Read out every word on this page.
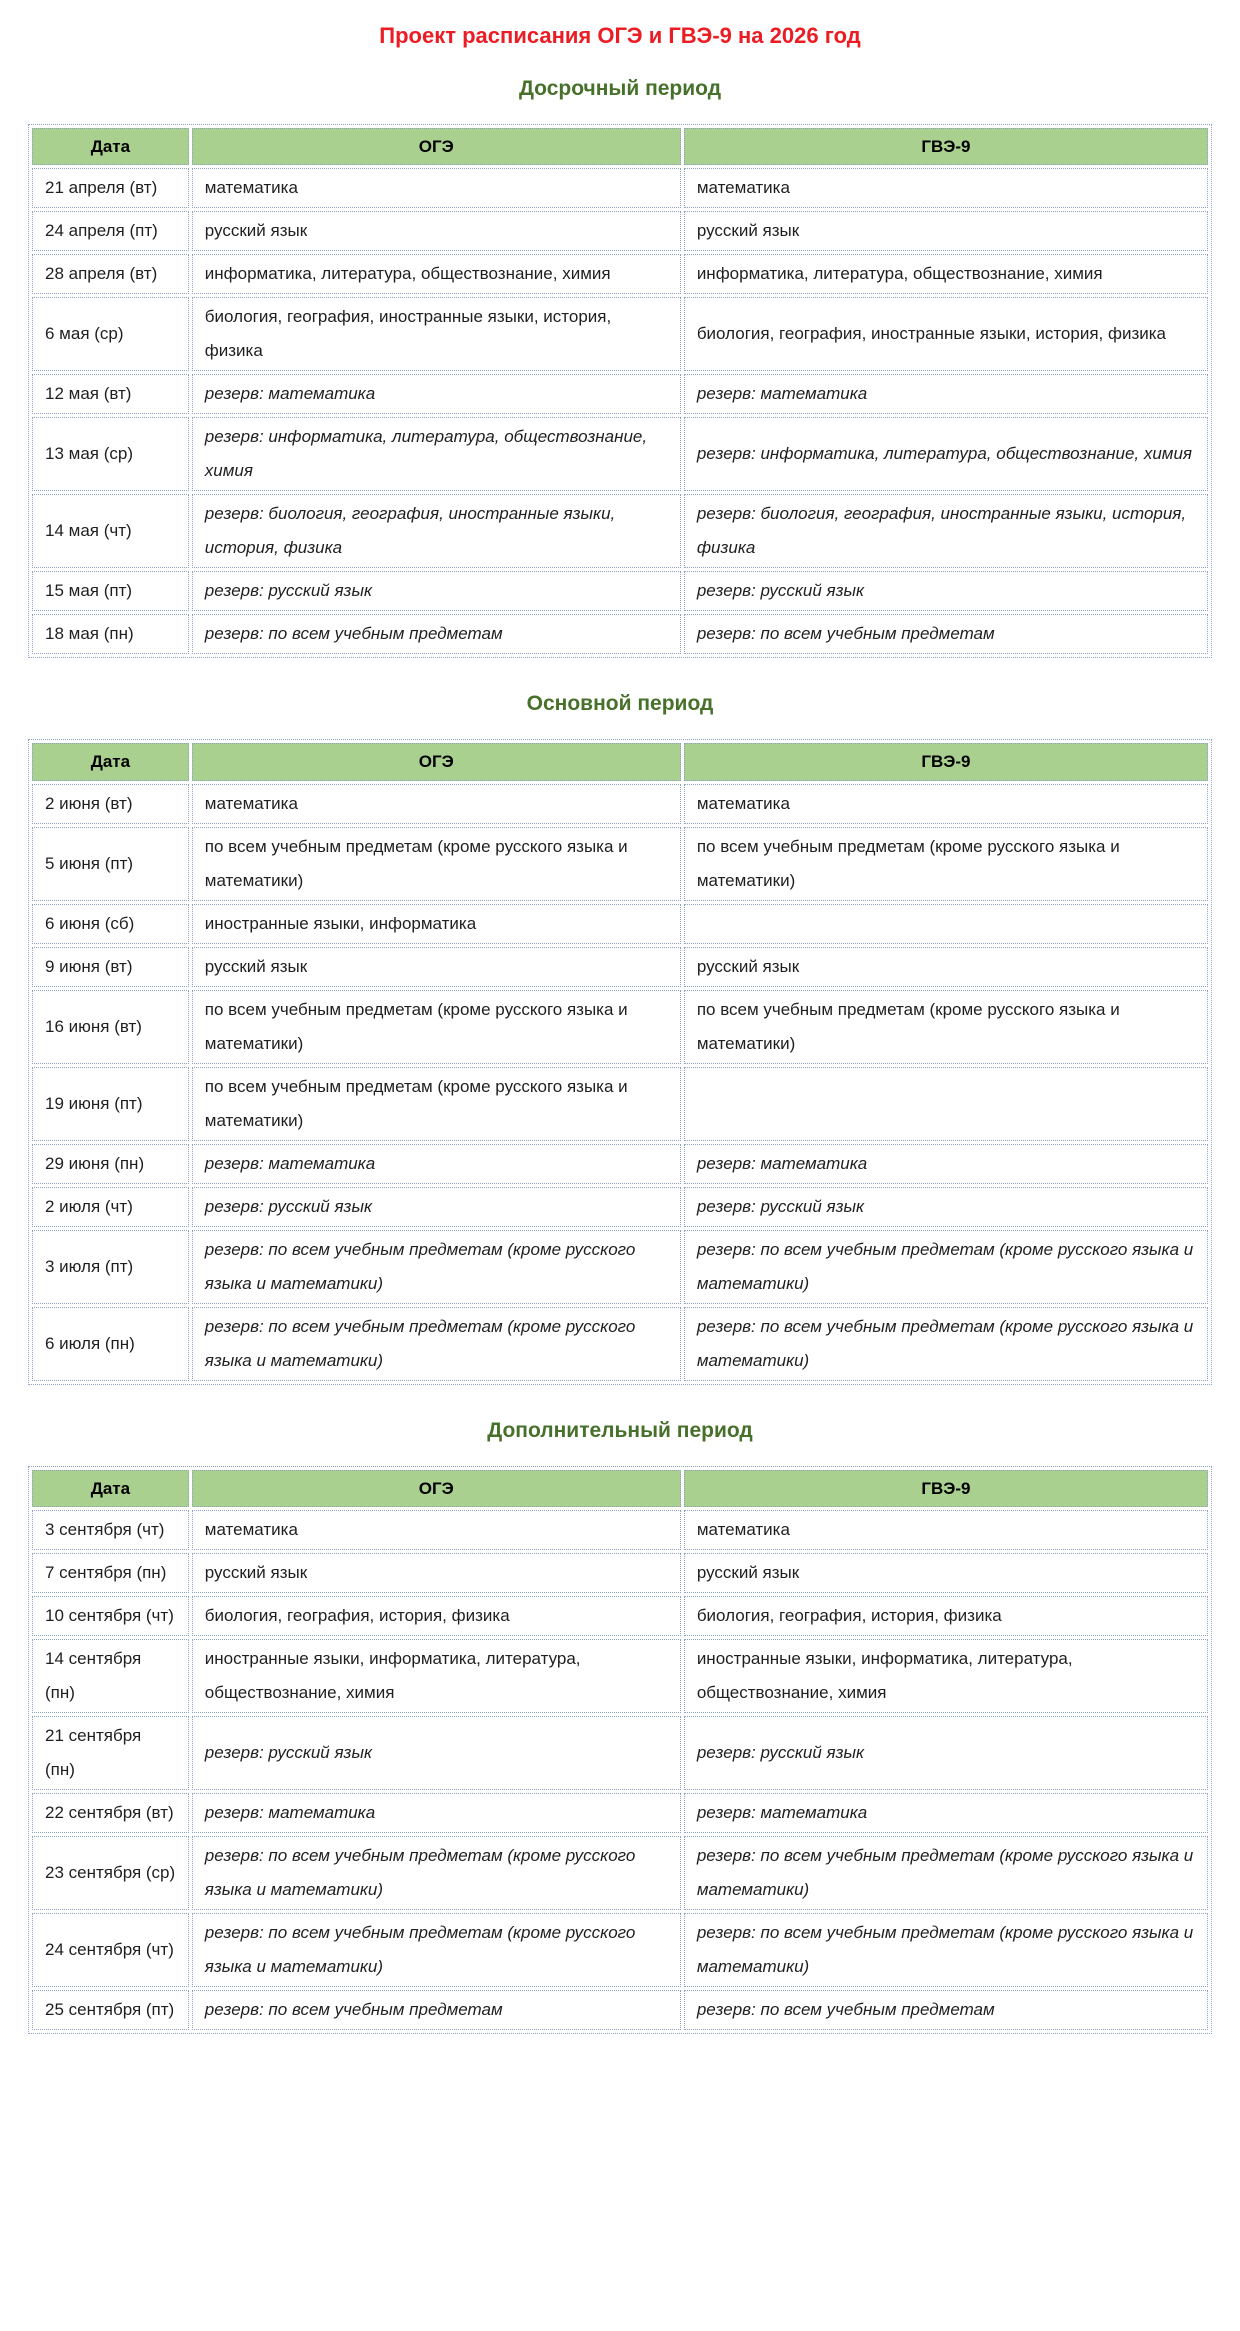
Проект расписания ОГЭ и ГВЭ-9 на 2026 год
Досрочный период
Дата	ОГЭ	ГВЭ-9
21 апреля (вт)	математика	математика
24 апреля (пт)	русский язык	русский язык
28 апреля (вт)	информатика, литература, обществознание, химия	информатика, литература, обществознание, химия
6 мая (ср)	биология, география, иностранные языки, история, физика	биология, география, иностранные языки, история, физика
12 мая (вт)	резерв: математика	резерв: математика
13 мая (ср)	резерв: информатика, литература, обществознание, химия	резерв: информатика, литература, обществознание, химия
14 мая (чт)	резерв: биология, география, иностранные языки, история, физика	резерв: биология, география, иностранные языки, история, физика
15 мая (пт)	резерв: русский язык	резерв: русский язык
18 мая (пн)	резерв: по всем учебным предметам	резерв: по всем учебным предметам
Основной период
Дата	ОГЭ	ГВЭ-9
2 июня (вт)	математика	математика
5 июня (пт)	по всем учебным предметам (кроме русского языка и математики)	по всем учебным предметам (кроме русского языка и математики)
6 июня (сб)	иностранные языки, информатика	
9 июня (вт)	русский язык	русский язык
16 июня (вт)	по всем учебным предметам (кроме русского языка и математики)	по всем учебным предметам (кроме русского языка и математики)
19 июня (пт)	по всем учебным предметам (кроме русского языка и математики)	
29 июня (пн)	резерв: математика	резерв: математика
2 июля (чт)	резерв: русский язык	резерв: русский язык
3 июля (пт)	резерв: по всем учебным предметам (кроме русского языка и математики)	резерв: по всем учебным предметам (кроме русского языка и математики)
6 июля (пн)	резерв: по всем учебным предметам (кроме русского языка и математики)	резерв: по всем учебным предметам (кроме русского языка и математики)
Дополнительный период
Дата	ОГЭ	ГВЭ-9
3 сентября (чт)	математика	математика
7 сентября (пн)	русский язык	русский язык
10 сентября (чт)	биология, география, история, физика	биология, география, история, физика
14 сентября (пн)	иностранные языки, информатика, литература, обществознание, химия	иностранные языки, информатика, литература, обществознание, химия
21 сентября (пн)	резерв: русский язык	резерв: русский язык
22 сентября (вт)	резерв: математика	резерв: математика
23 сентября (ср)	резерв: по всем учебным предметам (кроме русского языка и математики)	резерв: по всем учебным предметам (кроме русского языка и математики)
24 сентября (чт)	резерв: по всем учебным предметам (кроме русского языка и математики)	резерв: по всем учебным предметам (кроме русского языка и математики)
25 сентября (пт)	резерв: по всем учебным предметам	резерв: по всем учебным предметам
